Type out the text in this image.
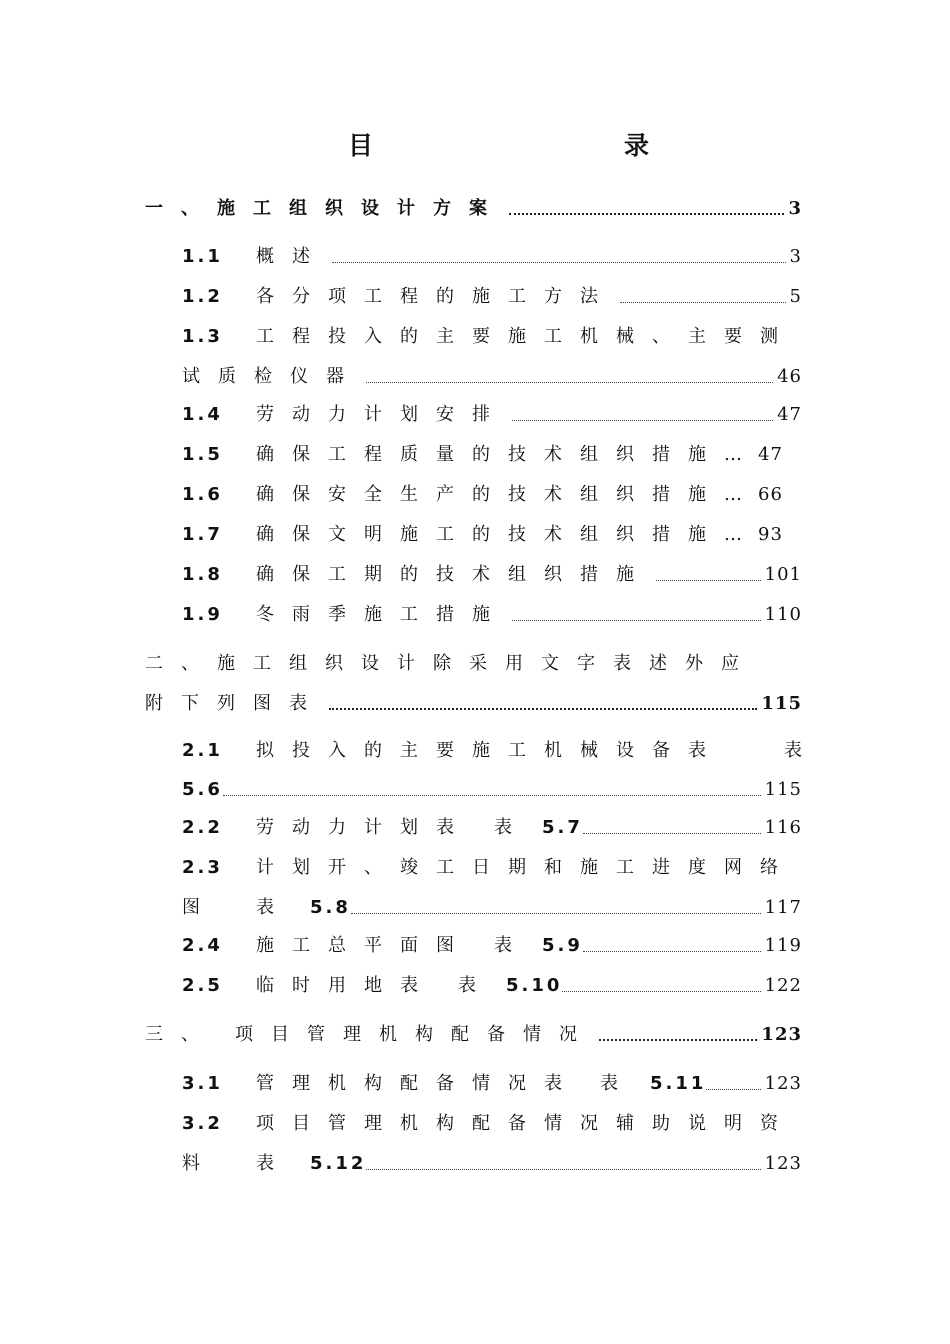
目	录
一、施工组织设计方案	3
1.1	概述	3
1.2	各分项工程的施工方法	5
1.3	工程投入的主要施工机械、主要测
试质检仪器	46
1.4	劳动力计划安排	47
1.5	确保工程质量的技术组织措施 … 47
1.6	确保安全生产的技术组织措施 … 66
1.7	确保文明施工的技术组织措施 … 93
1.8	确保工期的技术组织措施	101
1.9	冬雨季施工措施	110
二、施工组织设计除采用文字表述外应
附下列图表	115
2.1	拟投入的主要施工机械设备表	表
5.6	115
2.2	劳动力计划表 表 5.7	116
2.3	计划开、竣工日期和施工进度网络
图	表 5.8	117
2.4	施工总平面图 表 5.9	119
2.5	临时用地表 表 5.10	122
三、 项目管理机构配备情况	123
3.1	管理机构配备情况表 表 5.11	123
3.2	项目管理机构配备情况辅助说明资
料	表 5.12	123
